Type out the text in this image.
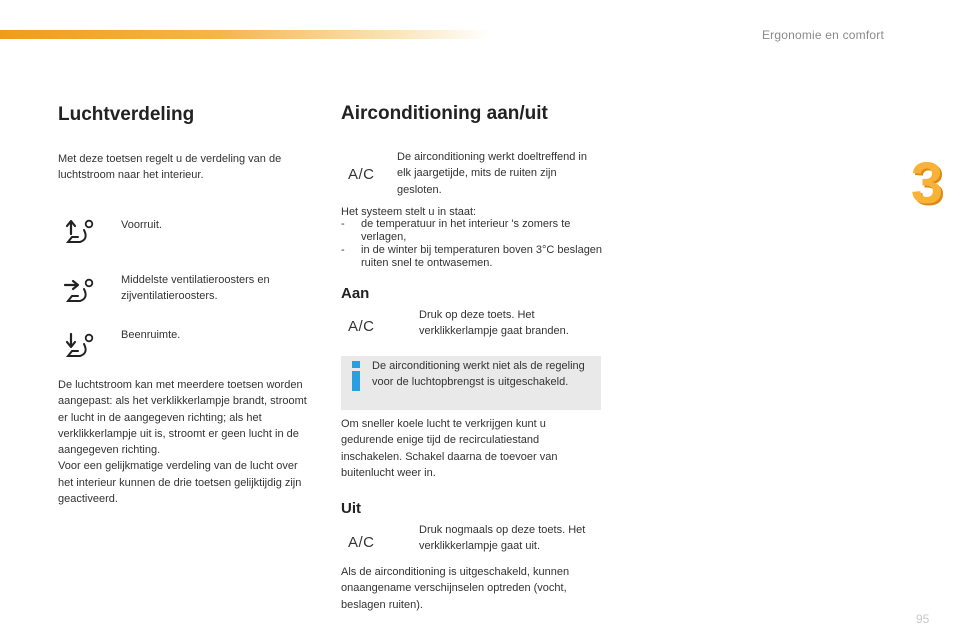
Ergonomie en comfort
3
95
Luchtverdeling

Met deze toetsen regelt u de verdeling van de luchtstroom naar het interieur.

Voorruit.

Middelste ventilatieroosters en zijventilatieroosters.

Beenruimte.

De luchtstroom kan met meerdere toetsen worden aangepast: als het verklikkerlampje brandt, stroomt er lucht in de aangegeven richting; als het verklikkerlampje uit is, stroomt er geen lucht in de aangegeven richting.
Voor een gelijkmatige verdeling van de lucht over het interieur kunnen de drie toetsen gelijktijdig zijn geactiveerd.

Airconditioning aan/uit
A/C

De airconditioning werkt doeltreffend in elk jaargetijde, mits de ruiten zijn gesloten.

Het systeem stelt u in staat:

- de temperatuur in het interieur 's zomers te verlagen,
- in de winter bij temperaturen boven 3°C beslagen ruiten snel te ontwasemen.
Aan
A/C
Druk op deze toets. Het verklikkerlampje gaat branden.
De airconditioning werkt niet als de regeling voor de luchtopbrengst is uitgeschakeld.

Om sneller koele lucht te verkrijgen kunt u gedurende enige tijd de recirculatiestand inschakelen. Schakel daarna de toevoer van buitenlucht weer in.

Uit
A/C
Druk nogmaals op deze toets. Het verklikkerlampje gaat uit.

Als de airconditioning is uitgeschakeld, kunnen onaangename verschijnselen optreden (vocht, beslagen ruiten).
